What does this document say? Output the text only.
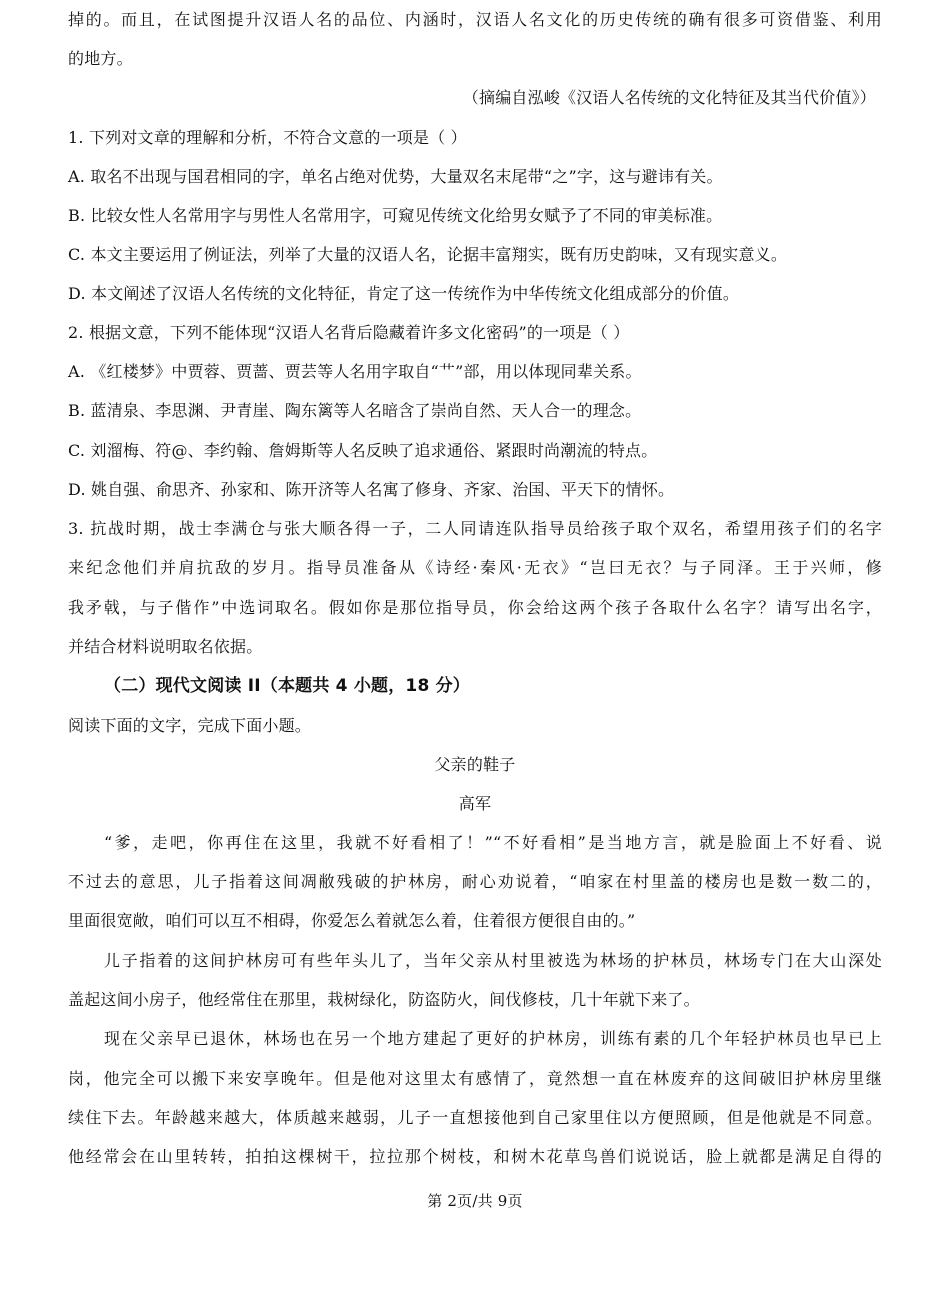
掉的。而且，在试图提升汉语人名的品位、内涵时，汉语人名文化的历史传统的确有很多可资借鉴、利用
的地方。
（摘编自泓峻《汉语人名传统的文化特征及其当代价值》）
1. 下列对文章的理解和分析，不符合文意的一项是（ ）
A. 取名不出现与国君相同的字，单名占绝对优势，大量双名末尾带“之”字，这与避讳有关。
B. 比较女性人名常用字与男性人名常用字，可窥见传统文化给男女赋予了不同的审美标准。
C. 本文主要运用了例证法，列举了大量的汉语人名，论据丰富翔实，既有历史韵味，又有现实意义。
D. 本文阐述了汉语人名传统的文化特征，肯定了这一传统作为中华传统文化组成部分的价值。
2. 根据文意，下列不能体现“汉语人名背后隐藏着许多文化密码”的一项是（ ）
A. 《红楼梦》中贾蓉、贾蔷、贾芸等人名用字取自“艹”部，用以体现同辈关系。
B. 蓝清泉、李思渊、尹青崖、陶东篱等人名暗含了崇尚自然、天人合一的理念。
C. 刘溜梅、符@、李约翰、詹姆斯等人名反映了追求通俗、紧跟时尚潮流的特点。
D. 姚自强、俞思齐、孙家和、陈开济等人名寓了修身、齐家、治国、平天下的情怀。
3. 抗战时期，战士李满仓与张大顺各得一子，二人同请连队指导员给孩子取个双名，希望用孩子们的名字
来纪念他们并肩抗敌的岁月。指导员准备从《诗经·秦风·无衣》“岂曰无衣？与子同泽。王于兴师，修
我矛戟，与子偕作”中选词取名。假如你是那位指导员，你会给这两个孩子各取什么名字？请写出名字，
并结合材料说明取名依据。
（二）现代文阅读 II（本题共 4 小题，18 分）
阅读下面的文字，完成下面小题。
父亲的鞋子
高军
“爹，走吧，你再住在这里，我就不好看相了！”“不好看相”是当地方言，就是脸面上不好看、说
不过去的意思，儿子指着这间凋敝残破的护林房，耐心劝说着，“咱家在村里盖的楼房也是数一数二的，
里面很宽敞，咱们可以互不相碍，你爱怎么着就怎么着，住着很方便很自由的。”
儿子指着的这间护林房可有些年头儿了，当年父亲从村里被选为林场的护林员，林场专门在大山深处
盖起这间小房子，他经常住在那里，栽树绿化，防盗防火，间伐修枝，几十年就下来了。
现在父亲早已退休，林场也在另一个地方建起了更好的护林房，训练有素的几个年轻护林员也早已上
岗，他完全可以搬下来安享晚年。但是他对这里太有感情了，竟然想一直在林废弃的这间破旧护林房里继
续住下去。年龄越来越大，体质越来越弱，儿子一直想接他到自己家里住以方便照顾，但是他就是不同意。
他经常会在山里转转，拍拍这棵树干，拉拉那个树枝，和树木花草鸟兽们说说话，脸上就都是满足自得的
第 2页/共 9页
